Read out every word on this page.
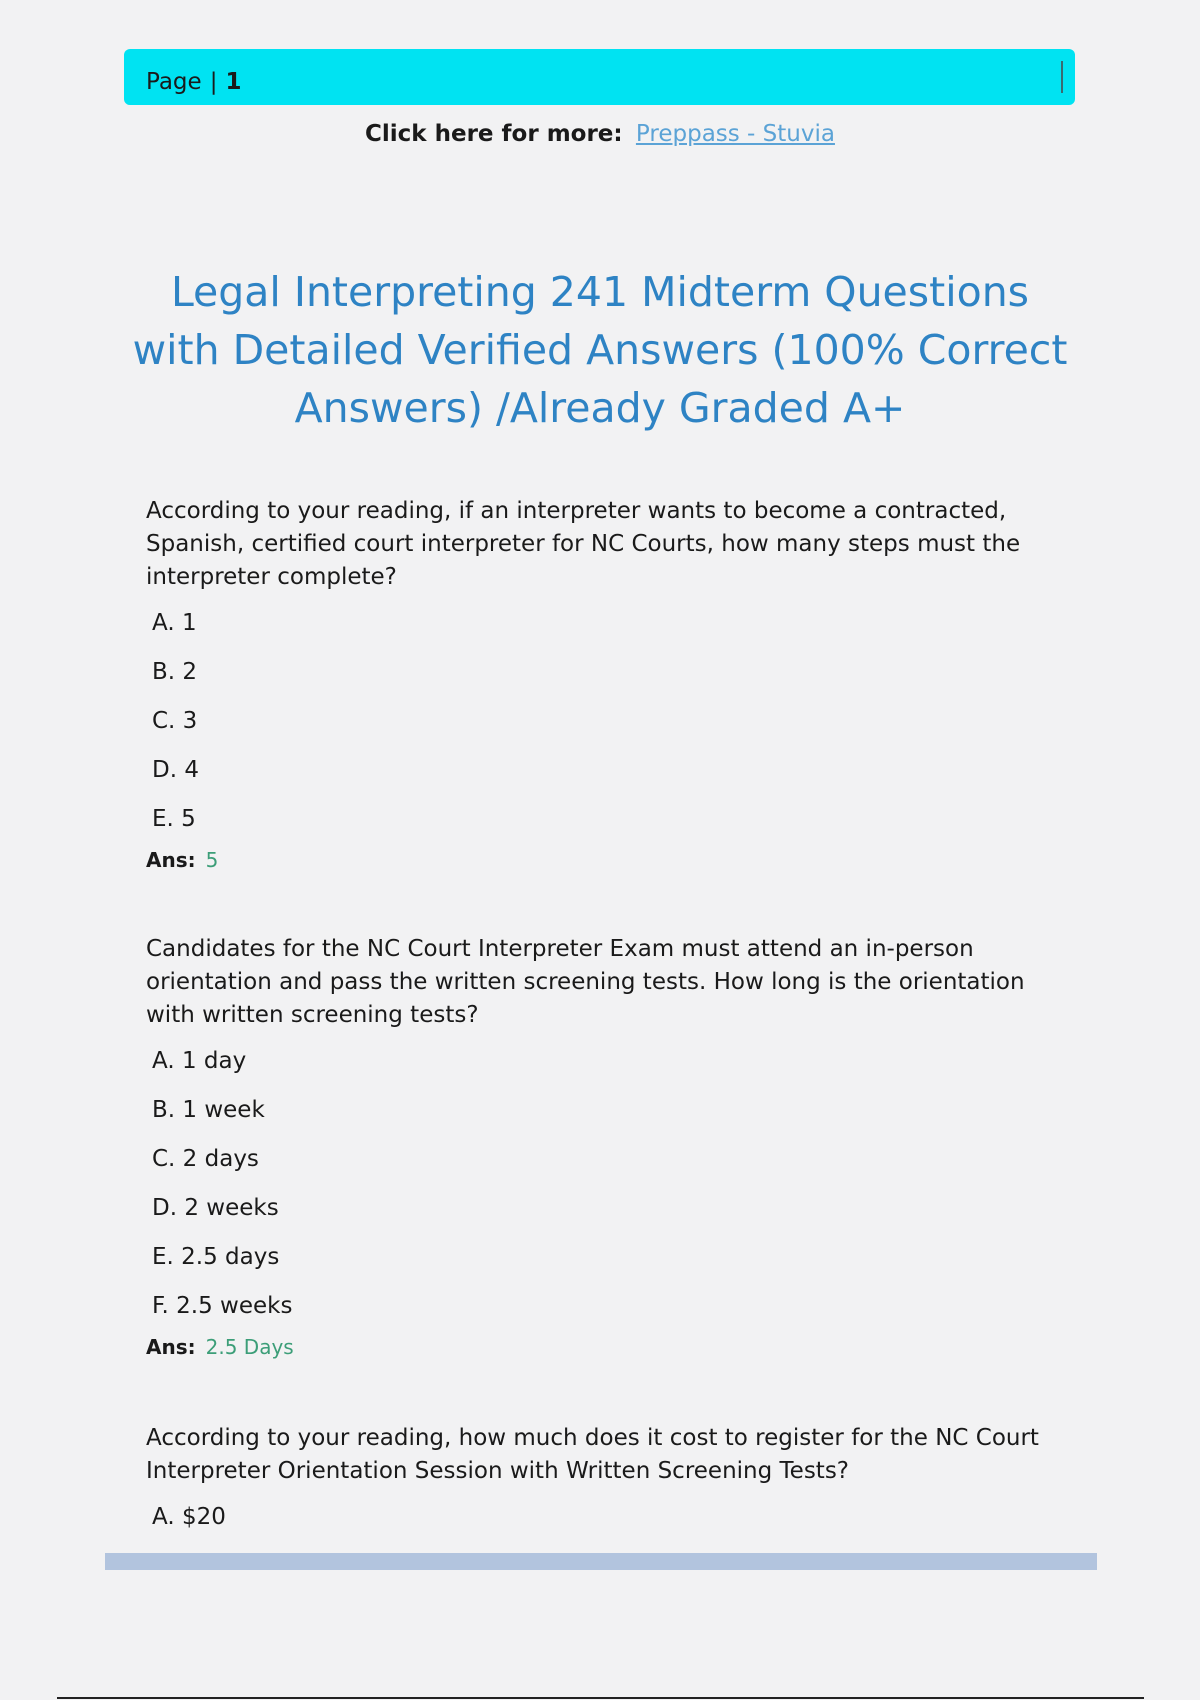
Page | 1
Click here for more: Preppass - Stuvia
Legal Interpreting 241 Midterm Questions with Detailed Verified Answers (100% Correct Answers) /Already Graded A+

According to your reading, if an interpreter wants to become a contracted, Spanish, certified court interpreter for NC Courts, how many steps must the interpreter complete?

A. 1
B. 2
C. 3
D. 4
E. 5
Ans: 5

Candidates for the NC Court Interpreter Exam must attend an in-person orientation and pass the written screening tests. How long is the orientation with written screening tests?

A. 1 day
B. 1 week
C. 2 days
D. 2 weeks
E. 2.5 days
F. 2.5 weeks
Ans: 2.5 Days

According to your reading, how much does it cost to register for the NC Court Interpreter Orientation Session with Written Screening Tests?

A. $20
